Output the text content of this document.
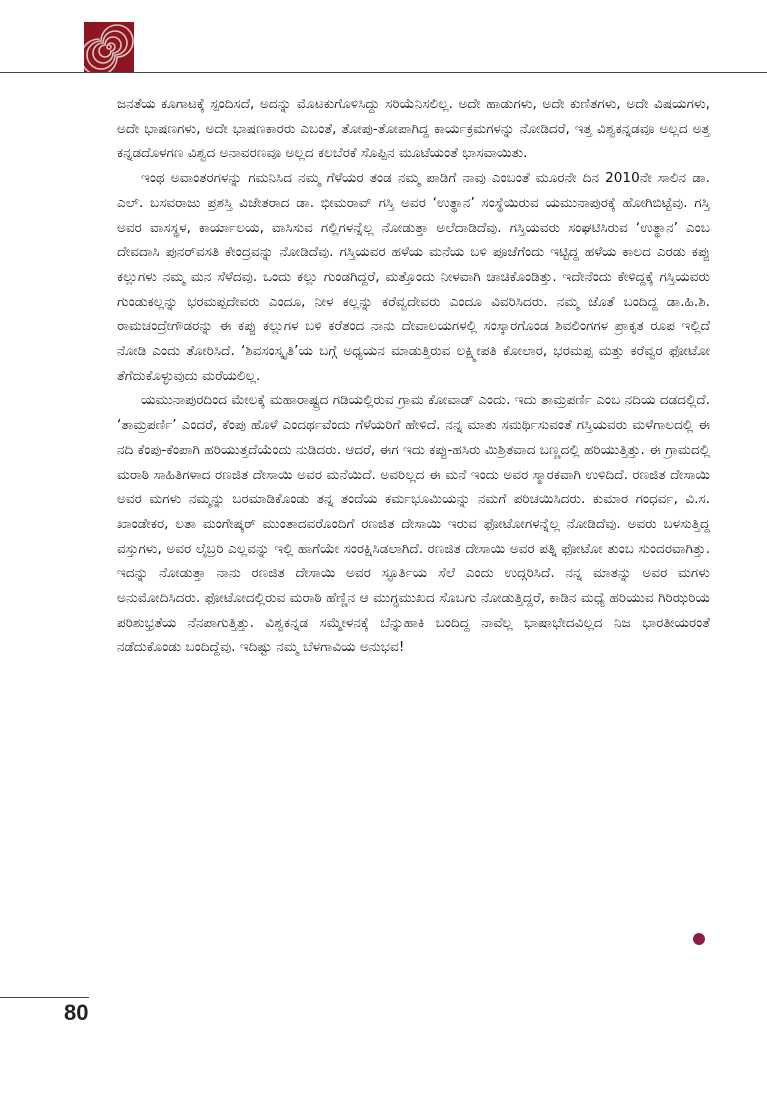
ಜನತೆಯ ಕೂಗಾಟಕ್ಕೆ ಸ್ಪಂದಿಸದೆ, ಅದನ್ನು ಮೊಟಕುಗೊಳಿಸಿದ್ದು ಸರಿಯೆನಿಸಲಿಲ್ಲ. ಅದೇ ಹಾಡುಗಳು, ಅದೇ ಕುಣಿತಗಳು, ಅದೇ ವಿಷಯಗಳು, ಅದೇ ಭಾಷಣಗಳು, ಅದೇ ಭಾಷಣಕಾರರು ಎಬಂತೆ, ತೋಪು-ತೋಪಾಗಿದ್ದ ಕಾರ್ಯಕ್ರಮಗಳನ್ನು ನೋಡಿದರೆ, ಇತ್ತ ವಿಶ್ವಕನ್ನಡವೂ ಅಲ್ಲದ ಅತ್ತ ಕನ್ನಡದೊಳಗಣ ವಿಶ್ವದ ಅನಾವರಣವೂ ಅಲ್ಲದ ಕಲಬೆರಕೆ ಸೊಪ್ಪಿನ ಮೂಟೆಯಂತೆ ಭಾಸವಾಯಿತು.

ಇಂಥ ಅವಾಂತರಗಳನ್ನು ಗಮನಿಸಿದ ನಮ್ಮ ಗೆಳೆಯರ ತಂಡ ನಮ್ಮ ಪಾಡಿಗೆ ನಾವು ಎಂಬಂತೆ ಮೂರನೇ ದಿನ 2010ನೇ ಸಾಲಿನ ಡಾ. ಎಲ್. ಬಸವರಾಜು ಪ್ರಶಸ್ತಿ ವಿಜೇತರಾದ ಡಾ. ಭೀಮರಾವ್ ಗಸ್ತಿ ಅವರ ‘ಉತ್ಥಾನ’ ಸಂಸ್ಥೆಯಿರುವ ಯಮುನಾಪುರಕ್ಕೆ ಹೋಗಿಬಿಟ್ಟೆವು. ಗಸ್ತಿ ಅವರ ವಾಸಸ್ಥಳ, ಕಾರ್ಯಾಲಯ, ವಾಸಿಸುವ ಗಲ್ಲಿಗಳನ್ನೆಲ್ಲ ನೋಡುತ್ತಾ ಅಲೆದಾಡಿದೆವು. ಗಸ್ತಿಯವರು ಸಂಘಟಿಸಿರುವ ‘ಉತ್ಥಾನ’ ಎಂಬ ದೇವದಾಸಿ ಪುನರ್‌ವಸತಿ ಕೇಂದ್ರವನ್ನು ನೋಡಿದೆವು. ಗಸ್ತಿಯವರ ಹಳೆಯ ಮನೆಯ ಬಳಿ ಪೂಜೆಗೆಂದು ಇಟ್ಟಿದ್ದ ಹಳೆಯ ಕಾಲದ ಎರಡು ಕಪ್ಪು ಕಲ್ಲುಗಳು ನಮ್ಮ ಮನ ಸೆಳೆದವು. ಒಂದು ಕಲ್ಲು ಗುಂಡಗಿದ್ದರೆ, ಮತ್ತೊಂದು ನೀಳವಾಗಿ ಚಾಚಿಕೊಂಡಿತ್ತು. ಇದೇನೆಂದು ಕೇಳಿದ್ದಕ್ಕೆ ಗಸ್ತಿಯವರು ಗುಂಡುಕಲ್ಲನ್ನು ಭರಮಪ್ಪದೇವರು ಎಂದೂ, ನೀಳ ಕಲ್ಲನ್ನು ಕರೆವ್ವದೇವರು ಎಂದೂ ವಿವರಿಸಿದರು. ನಮ್ಮ ಜೊತೆ ಬಂದಿದ್ದ ಡಾ.ಹಿ.ಶಿ. ರಾಮಚಂದ್ರೇಗೌಡರನ್ನು ಈ ಕಪ್ಪು ಕಲ್ಲುಗಳ ಬಳಿ ಕರೆತಂದ ನಾನು ದೇವಾಲಯಗಳಲ್ಲಿ ಸಂಸ್ಕಾರಗೊಂಡ ಶಿವಲಿಂಗಗಳ ಪ್ರಾಕೃತ ರೂಪ ಇಲ್ಲಿದೆ ನೋಡಿ ಎಂದು ತೋರಿಸಿದೆ. ‘ಶಿವಸಂಸ್ಕೃತಿ’ಯ ಬಗ್ಗೆ ಅಧ್ಯಯನ ಮಾಡುತ್ತಿರುವ ಲಕ್ಷ್ಮೀಪತಿ ಕೋಲಾರ, ಭರಮಪ್ಪ ಮತ್ತು ಕರೆವ್ವರ ಫೋಟೋ ತೆಗೆದುಕೊಳ್ಳುವುದು ಮರೆಯಲಿಲ್ಲ.

ಯಮುನಾಪುರದಿಂದ ಮೇಲಕ್ಕೆ ಮಹಾರಾಷ್ಟ್ರದ ಗಡಿಯಲ್ಲಿರುವ ಗ್ರಾಮ ಕೋವಾಡ್ ಎಂದು. ಇದು ತಾಮ್ರಪರ್ಣಿ ಎಂಬ ನದಿಯ ದಡದಲ್ಲಿದೆ. ‘ತಾಮ್ರಪರ್ಣಿ’ ಎಂದರೆ, ಕೆಂಪು ಹೊಳೆ ಎಂದರ್ಥವೆಂದು ಗೆಳೆಯರಿಗೆ ಹೇಳಿದೆ. ನನ್ನ ಮಾತು ಸಮರ್ಥಿಸುವಂತೆ ಗಸ್ತಿಯವರು ಮಳೆಗಾಲದಲ್ಲಿ ಈ ನದಿ ಕೆಂಪು-ಕೆಂಪಾಗಿ ಹರಿಯುತ್ತದೆಯೆಂದು ನುಡಿದರು. ಆದರೆ, ಈಗ ಇದು ಕಪ್ಪು-ಹಸಿರು ಮಿಶ್ರಿತವಾದ ಬಣ್ಣದಲ್ಲಿ ಹರಿಯುತ್ತಿತ್ತು. ಈ ಗ್ರಾಮದಲ್ಲಿ ಮರಾಠಿ ಸಾಹಿತಿಗಳಾದ ರಣಜಿತ ದೇಸಾಯಿ ಅವರ ಮನೆಯಿದೆ. ಅವರಿಲ್ಲದ ಈ ಮನೆ ಇಂದು ಅವರ ಸ್ಮಾರಕವಾಗಿ ಉಳಿದಿದೆ. ರಣಜಿತ ದೇಸಾಯಿ ಅವರ ಮಗಳು ನಮ್ಮನ್ನು ಬರಮಾಡಿಕೊಂಡು ತನ್ನ ತಂದೆಯ ಕರ್ಮಭೂಮಿಯನ್ನು ನಮಗೆ ಪರಿಚಯಿಸಿದರು. ಕುಮಾರ ಗಂಧರ್ವ, ವಿ.ಸ. ಖಾಂಡೇಕರ, ಲತಾ ಮಂಗೇಷ್ಕರ್ ಮುಂತಾದವರೊಂದಿಗೆ ರಣಜಿತ ದೇಸಾಯಿ ಇರುವ ಫೋಟೋಗಳನ್ನೆಲ್ಲ ನೋಡಿದೆವು. ಅವರು ಬಳಸುತ್ತಿದ್ದ ವಸ್ತುಗಳು, ಅವರ ಲೈಬ್ರರಿ ಎಲ್ಲವನ್ನು ಇಲ್ಲಿ ಹಾಗೆಯೇ ಸಂರಕ್ಷಿಸಿಡಲಾಗಿದೆ. ರಣಜಿತ ದೇಸಾಯಿ ಅವರ ಪತ್ನಿ ಫೋಟೋ ತುಂಬ ಸುಂದರವಾಗಿತ್ತು. ಇದನ್ನು ನೋಡುತ್ತಾ ನಾನು ರಣಜಿತ ದೇಸಾಯಿ ಅವರ ಸ್ಫೂರ್ತಿಯ ಸೆಲೆ ಎಂದು ಉದ್ಗರಿಸಿದೆ. ನನ್ನ ಮಾತನ್ನು ಅವರ ಮಗಳು ಅನುಮೋದಿಸಿದರು. ಫೋಟೋದಲ್ಲಿರುವ ಮರಾಠಿ ಹೆಣ್ಣಿನ ಆ ಮುಗ್ಧಮುಖದ ಸೊಬಗು ನೋಡುತ್ತಿದ್ದರೆ, ಕಾಡಿನ ಮಧ್ಯೆ ಹರಿಯುವ ಗಿರಿಝರಿಯ ಪರಿಶುಭ್ರತೆಯ ನೆನಪಾಗುತ್ತಿತ್ತು. ವಿಶ್ವಕನ್ನಡ ಸಮ್ಮೇಳನಕ್ಕೆ ಬೆನ್ನುಹಾಕಿ ಬಂದಿದ್ದ ನಾವೆಲ್ಲ ಭಾಷಾಭೇದವಿಲ್ಲದ ನಿಜ ಭಾರತೀಯರಂತೆ ನಡೆದುಕೊಂಡು ಬಂದಿದ್ದೆವು. ಇದಿಷ್ಟು ನಮ್ಮ ಬೆಳಗಾವಿಯ ಅನುಭವ!

80
